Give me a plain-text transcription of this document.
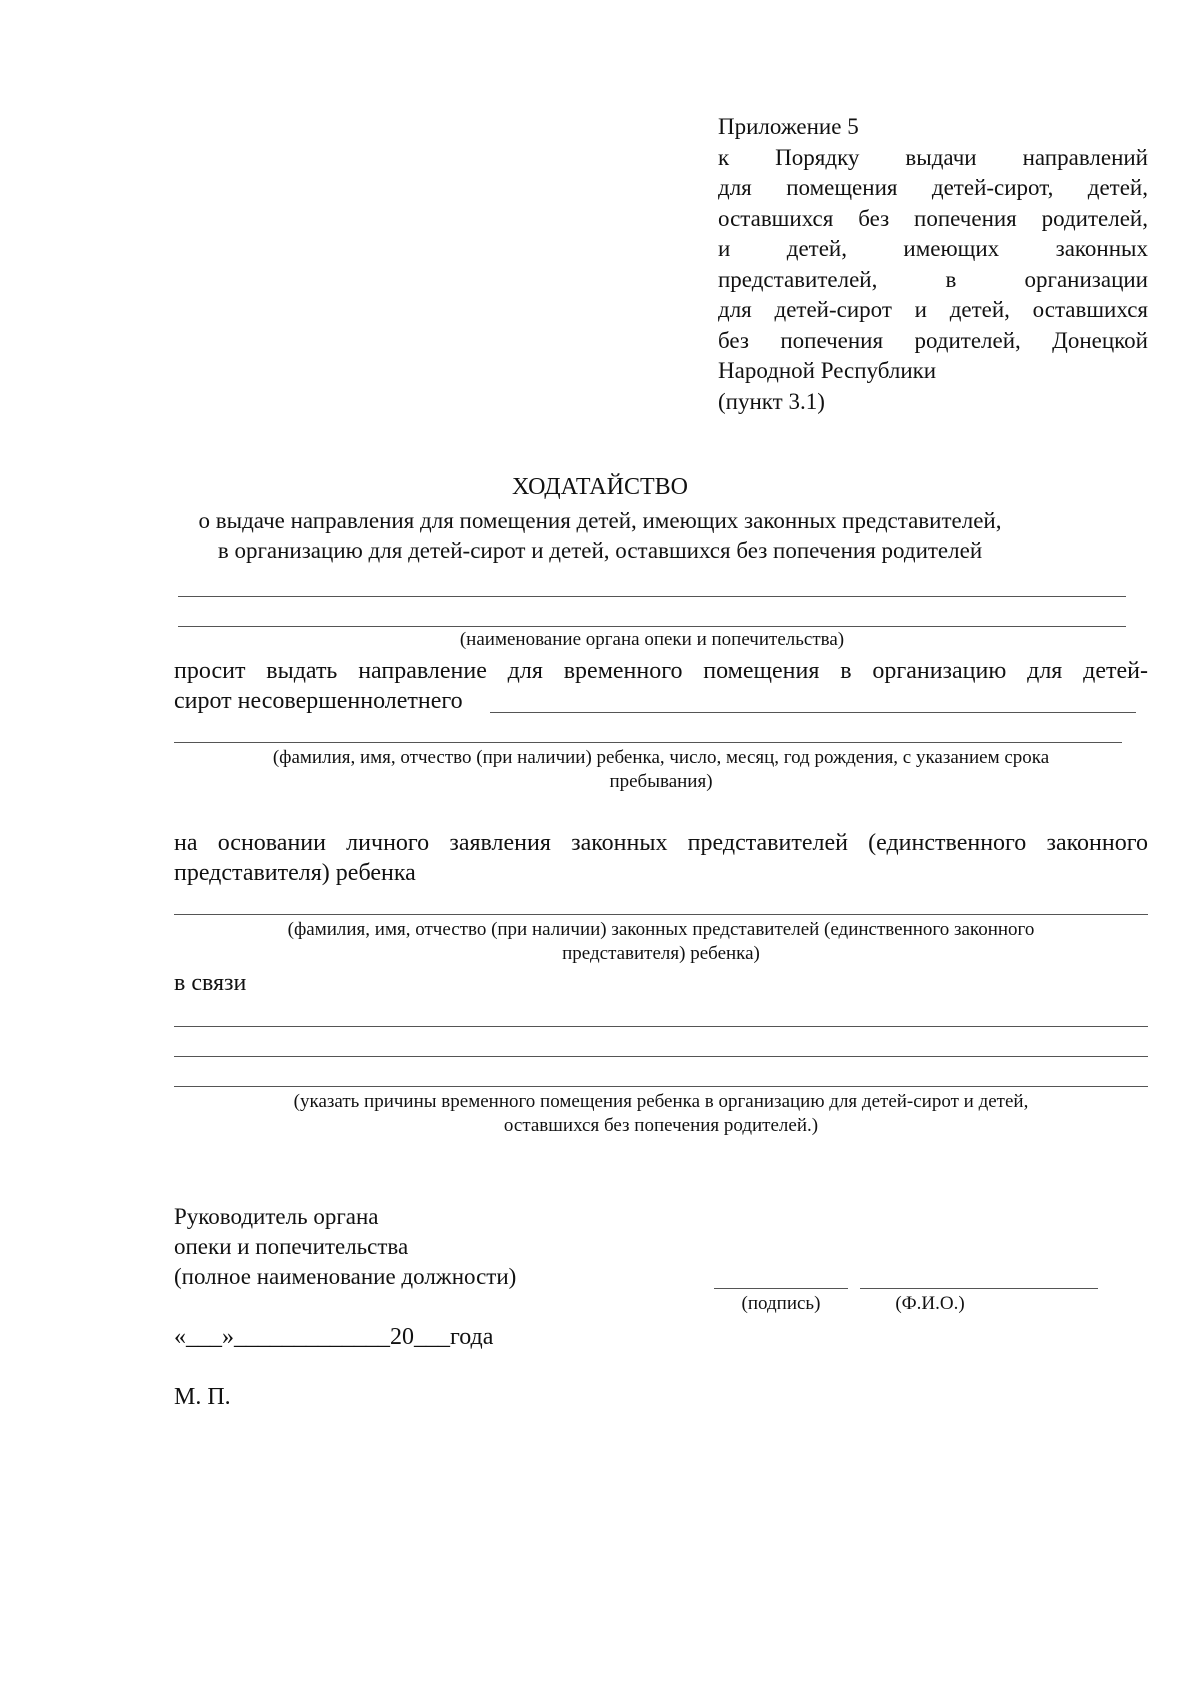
Приложение 5
к Порядку выдачи направлений
для помещения детей-сирот, детей,
оставшихся без попечения родителей,
и детей, имеющих законных
представителей, в организации
для детей-сирот и детей, оставшихся
без попечения родителей, Донецкой
Народной Республики
(пункт 3.1)
ХОДАТАЙСТВО
о выдаче направления для помещения детей, имеющих законных представителей,
в организацию для детей-сирот и детей, оставшихся без попечения родителей
(наименование органа опеки и попечительства)
просит выдать направление для временного помещения в организацию для детей-
сирот несовершеннолетнего
(фамилия, имя, отчество (при наличии) ребенка, число, месяц, год рождения, с указанием срока
пребывания)
на основании личного заявления законных представителей (единственного законного
представителя) ребенка
(фамилия, имя, отчество (при наличии) законных представителей (единственного законного
представителя) ребенка)
в связи
(указать причины временного помещения ребенка в организацию для детей-сирот и детей,
оставшихся без попечения родителей.)
Руководитель органа
опеки и попечительства
(полное наименование должности)
(подпись)	(Ф.И.О.)
«___»_____________20___года
М. П.
